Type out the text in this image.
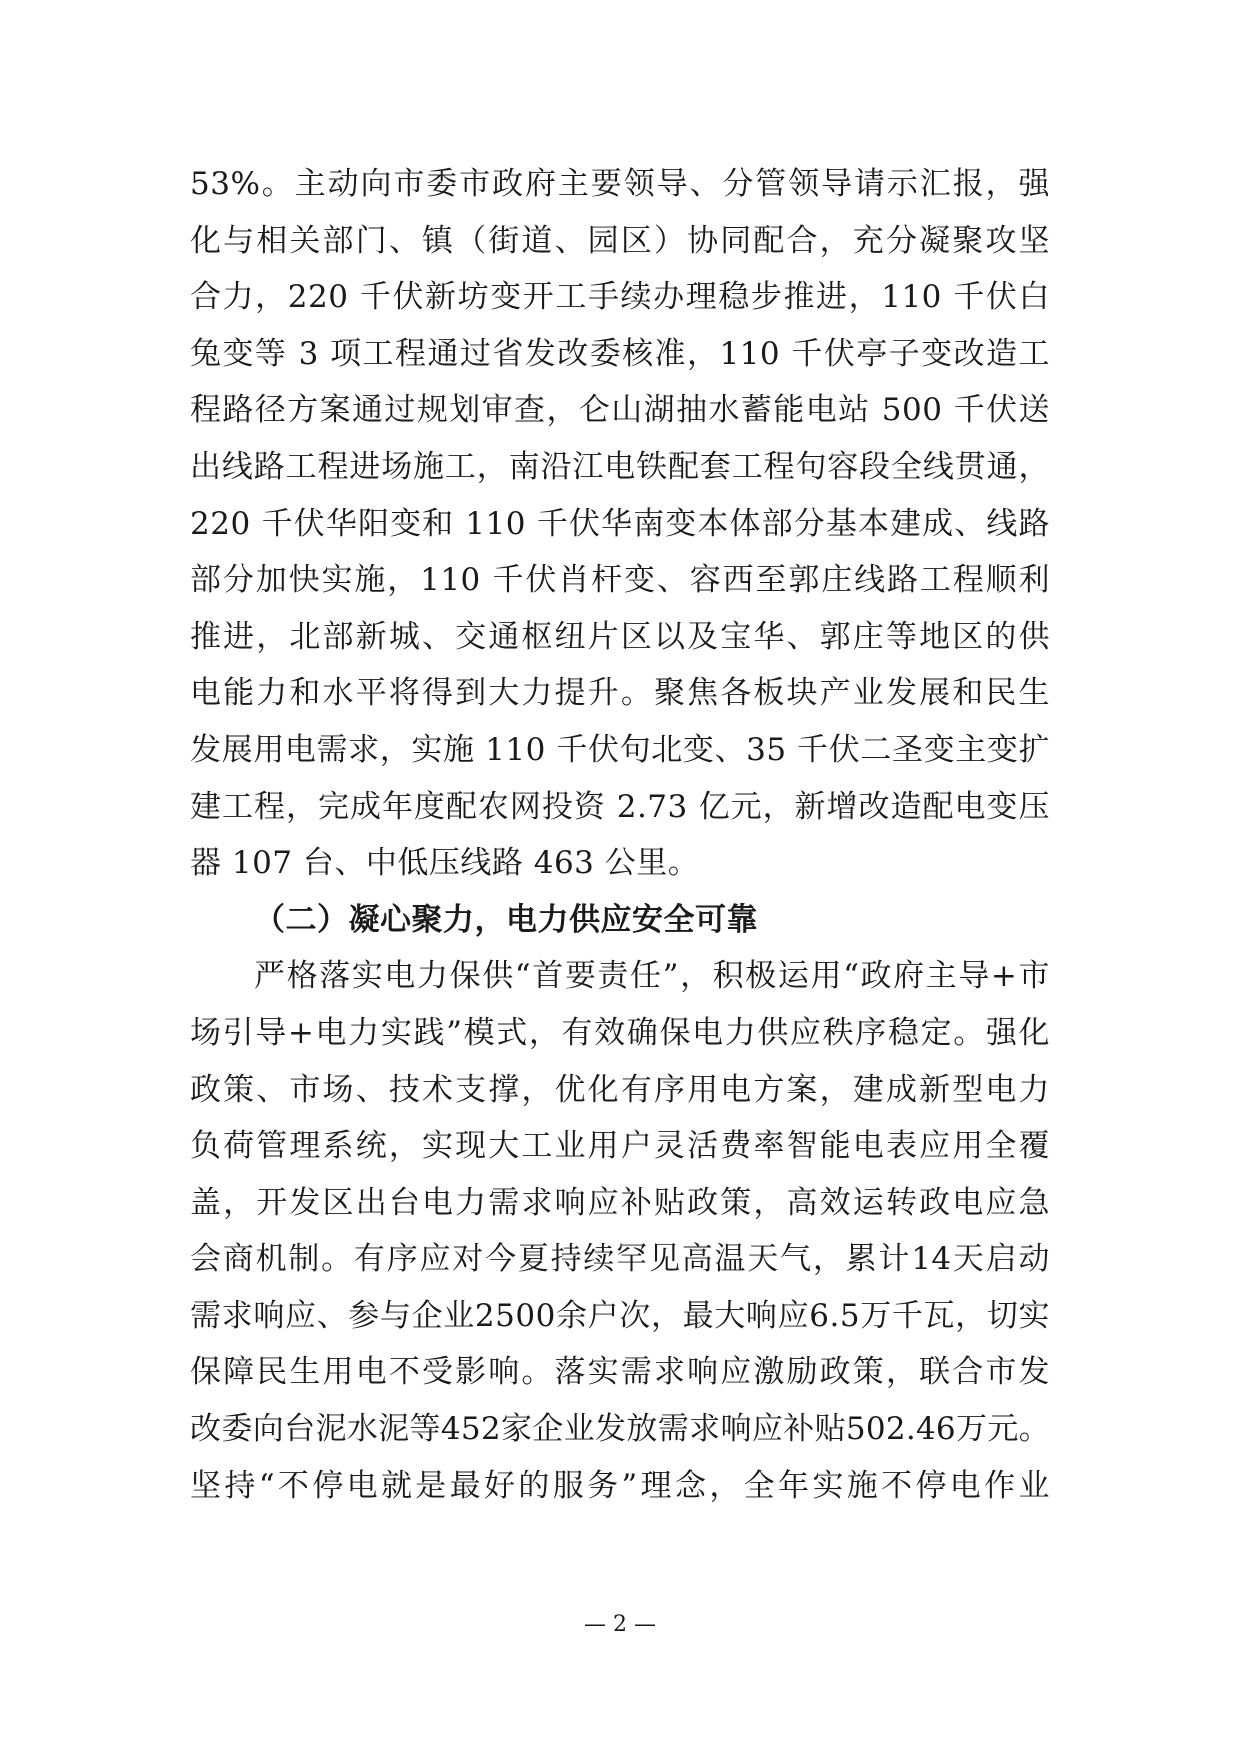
53%。主动向市委市政府主要领导、分管领导请示汇报，强
化与相关部门、镇（街道、园区）协同配合，充分凝聚攻坚
合力，220 千伏新坊变开工手续办理稳步推进，110 千伏白
兔变等 3 项工程通过省发改委核准，110 千伏亭子变改造工
程路径方案通过规划审查，仑山湖抽水蓄能电站 500 千伏送
出线路工程进场施工，南沿江电铁配套工程句容段全线贯通，
220 千伏华阳变和 110 千伏华南变本体部分基本建成、线路
部分加快实施，110 千伏肖杆变、容西至郭庄线路工程顺利
推进，北部新城、交通枢纽片区以及宝华、郭庄等地区的供
电能力和水平将得到大力提升。聚焦各板块产业发展和民生
发展用电需求，实施 110 千伏句北变、35 千伏二圣变主变扩
建工程，完成年度配农网投资 2.73 亿元，新增改造配电变压
器 107 台、中低压线路 463 公里。
（二）凝心聚力，电力供应安全可靠
严格落实电力保供“首要责任”，积极运用“政府主导+市
场引导+电力实践”模式，有效确保电力供应秩序稳定。强化
政策、市场、技术支撑，优化有序用电方案，建成新型电力
负荷管理系统，实现大工业用户灵活费率智能电表应用全覆
盖，开发区出台电力需求响应补贴政策，高效运转政电应急
会商机制。有序应对今夏持续罕见高温天气，累计14天启动
需求响应、参与企业2500余户次，最大响应6.5万千瓦，切实
保障民生用电不受影响。落实需求响应激励政策，联合市发
改委向台泥水泥等452家企业发放需求响应补贴502.46万元。
坚持“不停电就是最好的服务”理念，全年实施不停电作业
— 2 —
